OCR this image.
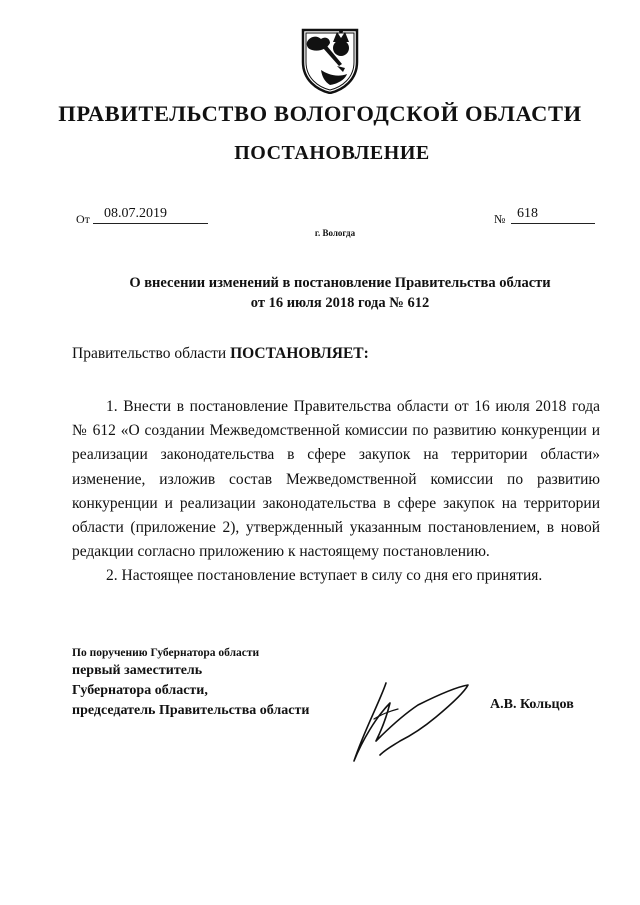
ПРАВИТЕЛЬСТВО ВОЛОГОДСКОЙ ОБЛАСТИ
ПОСТАНОВЛЕНИЕ
От	08.07.2019	№ 618
г. Вологда
О внесении изменений в постановление Правительства области
от 16 июля 2018 года № 612
Правительство области ПОСТАНОВЛЯЕТ:

1. Внести в постановление Правительства области от 16 июля 2018 года № 612 «О создании Межведомственной комиссии по развитию конкуренции и реализации законодательства в сфере закупок на территории области» изменение, изложив состав Межведомственной комиссии по развитию конкуренции и реализации законодательства в сфере закупок на территории области (приложение 2), утвержденный указанным постановлением, в новой редакции согласно приложению к настоящему постановлению.

2. Настоящее постановление вступает в силу со дня его принятия.

По поручению Губернатора области
первый заместитель
Губернатора области,
председатель Правительства области	А.В. Кольцов
